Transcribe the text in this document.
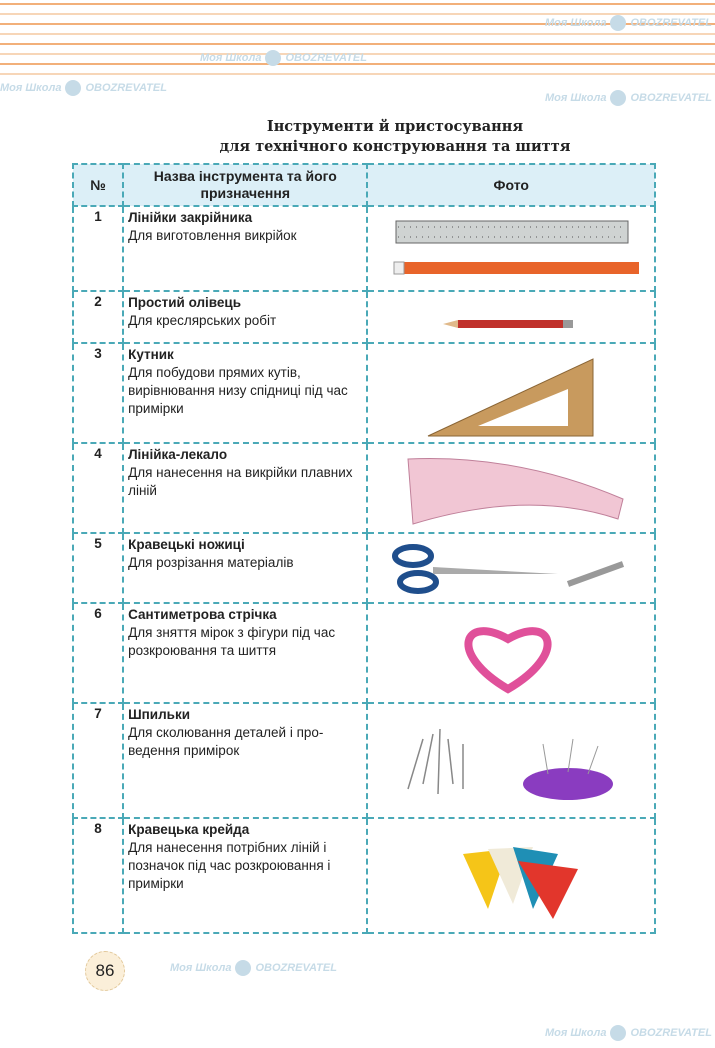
Моя Школа OBOZREVATEL
Моя Школа OBOZREVATEL
Моя Школа OBOZREVATEL
Моя Школа OBOZREVATEL
Моя Школа OBOZREVATEL
Моя Школа OBOZREVATEL
Інструменти й пристосування
для технічного конструювання та шиття
№	Назва інструмента та його призначення	Фото
1	Лінійки закрійника
Для виготовлення викрійок	

2	Простий олівець
Для креслярських робіт	

3	Кутник
Для побудови прямих кутів, вирівнювання низу спідниці під час примірки	

4	Лінійка-лекало
Для нанесення на викрійки плавних ліній	

5	Кравецькі ножиці
Для розрізання матеріалів	

6	Сантиметрова стрічка
Для зняття мірок з фігури під час розкроювання та шиття	

7	Шпильки
Для сколювання деталей і проведення примірок	

8	Кравецька крейда
Для нанесення потрібних ліній і позначок під час розкроювання і примірки	
86
